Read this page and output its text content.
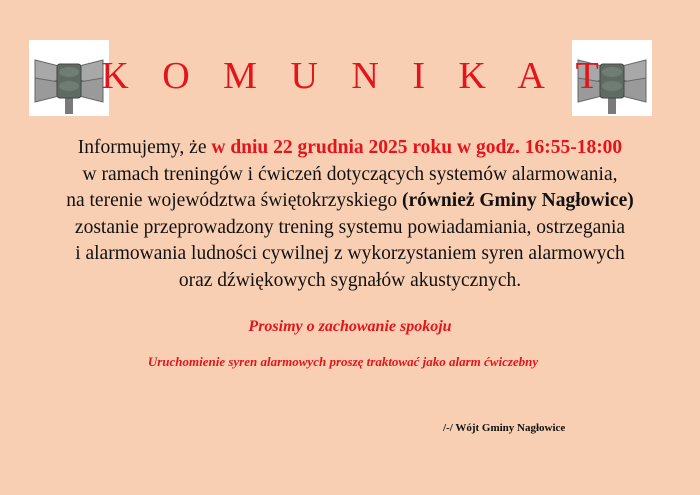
K O M U N I K A T
Informujemy, że w dniu 22 grudnia 2025 roku w godz. 16:55-18:00
w ramach treningów i ćwiczeń dotyczących systemów alarmowania,
na terenie województwa świętokrzyskiego (również Gminy Nagłowice)
zostanie przeprowadzony trening systemu powiadamiania, ostrzegania
i alarmowania ludności cywilnej z wykorzystaniem syren alarmowych
oraz dźwiękowych sygnałów akustycznych.
Prosimy o zachowanie spokoju
Uruchomienie syren alarmowych proszę traktować jako alarm ćwiczebny
/-/ Wójt Gminy Nagłowice
